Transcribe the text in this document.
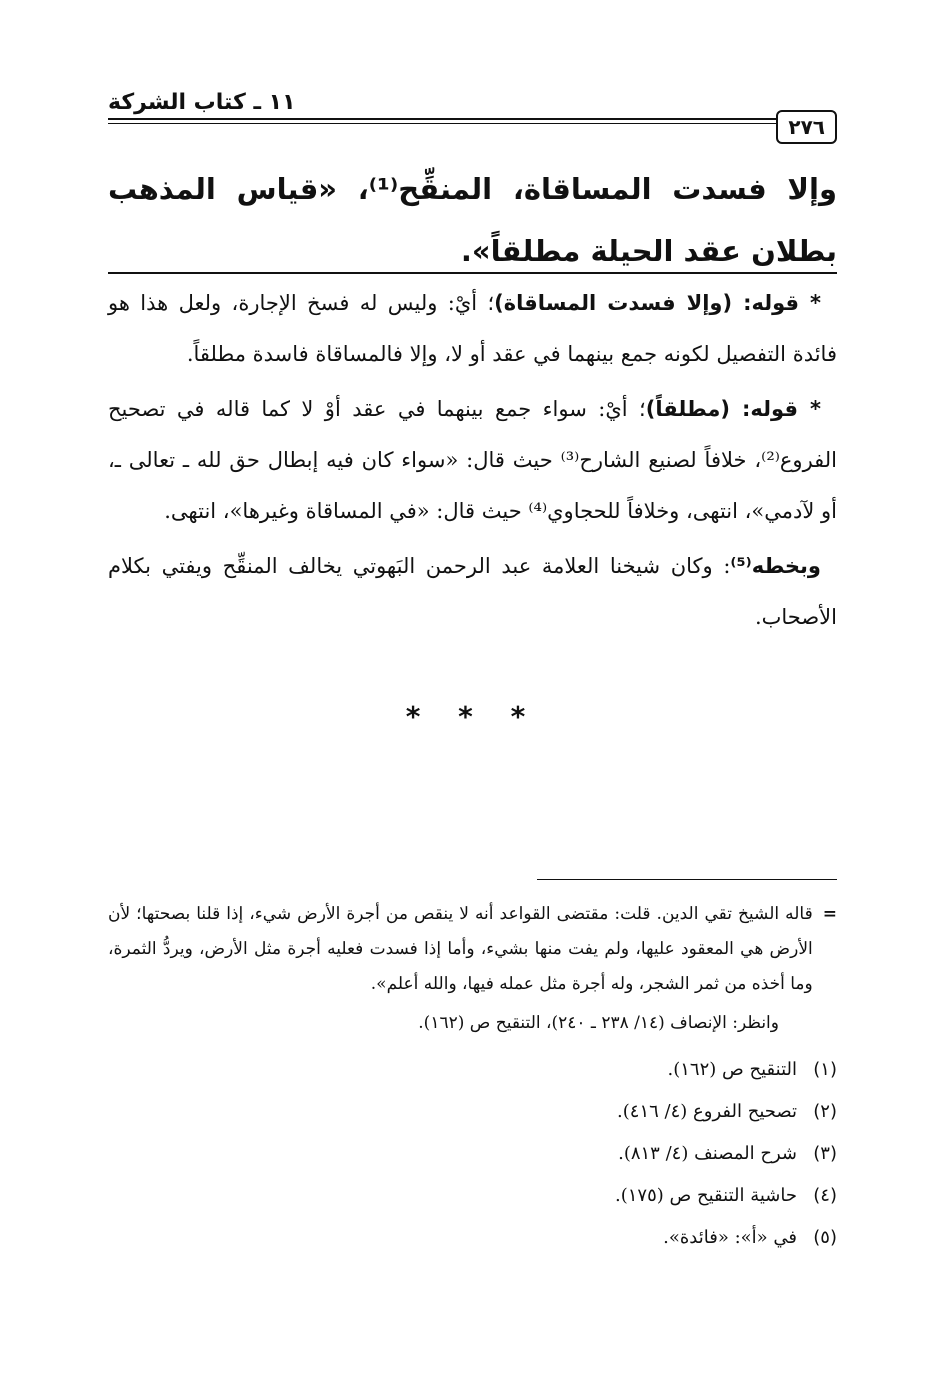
١١ ـ كتاب الشركة
٢٧٦
وإلا فسدت المساقاة، المنقِّح⁽¹⁾، «قياس المذهب بطلان عقد الحيلة مطلقاً».

* قوله: (وإلا فسدت المساقاة)؛ أيْ: وليس له فسخ الإجارة، ولعل هذا هو فائدة التفصيل لكونه جمع بينهما في عقد أو لا، وإلا فالمساقاة فاسدة مطلقاً.

* قوله: (مطلقاً)؛ أيْ: سواء جمع بينهما في عقد أوْ لا كما قاله في تصحيح الفروع⁽²⁾، خلافاً لصنيع الشارح⁽³⁾ حيث قال: «سواء كان فيه إبطال حق لله ـ تعالى ـ، أو لآدمي»، انتهى، وخلافاً للحجاوي⁽⁴⁾ حيث قال: «في المساقاة وغيرها»، انتهى.

وبخطه⁽⁵⁾: وكان شيخنا العلامة عبد الرحمن البَهوتي يخالف المنقِّح ويفتي بكلام الأصحاب.

* * *
=
قاله الشيخ تقي الدين. قلت: مقتضى القواعد أنه لا ينقص من أجرة الأرض شيء، إذا قلنا بصحتها؛ لأن الأرض هي المعقود عليها، ولم يفت منها بشيء، وأما إذا فسدت فعليه أجرة مثل الأرض، ويردُّ الثمرة، وما أخذه من ثمر الشجر، وله أجرة مثل عمله فيها، والله أعلم».
وانظر: الإنصاف (١٤/ ٢٣٨ ـ ٢٤٠)، التنقيح ص (١٦٢).
(١)التنقيح ص (١٦٢).
(٢)تصحيح الفروع (٤/ ٤١٦).
(٣)شرح المصنف (٤/ ٨١٣).
(٤)حاشية التنقيح ص (١٧٥).
(٥)في «أ»: «فائدة».
